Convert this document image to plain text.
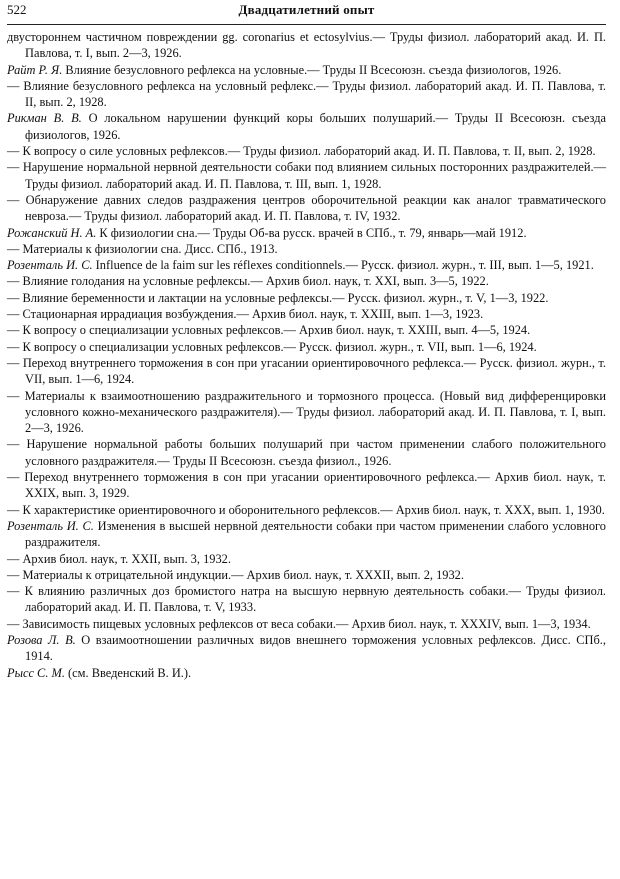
522	Двадцатилетний опыт
двустороннем частичном повреждении gg. coronarius et ectosylvius.— Труды физиол. лабораторий акад. И. П. Павлова, т. I, вып. 2—3, 1926.
Райт Р. Я. Влияние безусловного рефлекса на условные.— Труды II Всесоюзн. съезда физиологов, 1926.
— Влияние безусловного рефлекса на условный рефлекс.— Труды физиол. лабораторий акад. И. П. Павлова, т. II, вып. 2, 1928.
Рикман В. В. О локальном нарушении функций коры больших полушарий.— Труды II Всесоюзн. съезда физиологов, 1926.
— К вопросу о силе условных рефлексов.— Труды физиол. лабораторий акад. И. П. Павлова, т. II, вып. 2, 1928.
— Нарушение нормальной нервной деятельности собаки под влиянием сильных посторонних раздражителей.— Труды физиол. лабораторий акад. И. П. Павлова, т. III, вып. 1, 1928.
— Обнаружение давних следов раздражения центров оборочительной реакции как аналог травматического невроза.— Труды физиол. лабораторий акад. И. П. Павлова, т. IV, 1932.
Рожанский Н. А. К физиологии сна.— Труды Об-ва русск. врачей в СПб., т. 79, январь—май 1912.
— Материалы к физиологии сна. Дисс. СПб., 1913.
Розенталь И. С. Influence de la faim sur les réflexes conditionnels.— Русск. физиол. журн., т. III, вып. 1—5, 1921.
— Влияние голодания на условные рефлексы.— Архив биол. наук, т. XXI, вып. 3—5, 1922.
— Влияние беременности и лактации на условные рефлексы.— Русск. физиол. журн., т. V, 1—3, 1922.
— Стационарная иррадиация возбуждения.— Архив биол. наук, т. XXIII, вып. 1—3, 1923.
— К вопросу о специализации условных рефлексов.— Архив биол. наук, т. XXIII, вып. 4—5, 1924.
— К вопросу о специализации условных рефлексов.— Русск. физиол. журн., т. VII, вып. 1—6, 1924.
— Переход внутреннего торможения в сон при угасании ориентировочного рефлекса.— Русск. физиол. журн., т. VII, вып. 1—6, 1924.
— Материалы к взаимоотношению раздражительного и тормозного процесса. (Новый вид дифференцировки условного кожно-механического раздражителя).— Труды физиол. лабораторий акад. И. П. Павлова, т. I, вып. 2—3, 1926.
— Нарушение нормальной работы больших полушарий при частом применении слабого положительного условного раздражителя.— Труды II Всесоюзн. съезда физиол., 1926.
— Переход внутреннего торможения в сон при угасании ориентировочного рефлекса.— Архив биол. наук, т. XXIX, вып. 3, 1929.
— К характеристике ориентировочного и оборонительного рефлексов.— Архив биол. наук, т. XXX, вып. 1, 1930.
Розенталь И. С. Изменения в высшей нервной деятельности собаки при частом применении слабого условного раздражителя.
— Архив биол. наук, т. XXII, вып. 3, 1932.
— Материалы к отрицательной индукции.— Архив биол. наук, т. XXXII, вып. 2, 1932.
— К влиянию различных доз бромистого натра на высшую нервную деятельность собаки.— Труды физиол. лабораторий акад. И. П. Павлова, т. V, 1933.
— Зависимость пищевых условных рефлексов от веса собаки.— Архив биол. наук, т. XXXIV, вып. 1—3, 1934.
Розова Л. В. О взаимоотношении различных видов внешнего торможения условных рефлексов. Дисс. СПб., 1914.
Рысс С. М. (см. Введенский В. И.).
